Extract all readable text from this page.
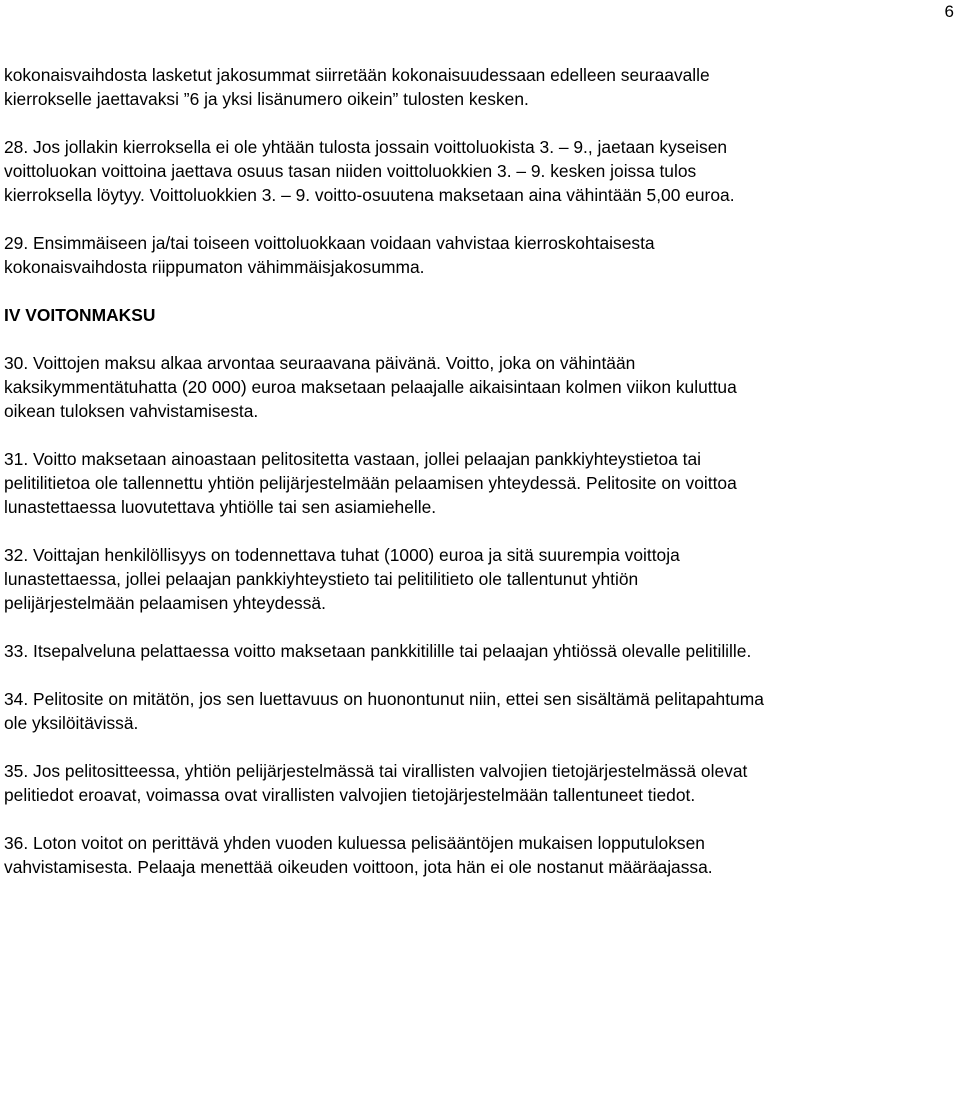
6
kokonaisvaihdosta lasketut jakosummat siirretään kokonaisuudessaan edelleen seuraavalle
kierrokselle jaettavaksi ”6 ja yksi lisänumero oikein” tulosten kesken.
28. Jos jollakin kierroksella ei ole yhtään tulosta jossain voittoluokista 3. – 9., jaetaan kyseisen
voittoluokan voittoina jaettava osuus tasan niiden voittoluokkien 3. – 9. kesken joissa tulos
kierroksella löytyy. Voittoluokkien 3. – 9. voitto-osuutena maksetaan aina vähintään 5,00 euroa.
29. Ensimmäiseen ja/tai toiseen voittoluokkaan voidaan vahvistaa kierroskohtaisesta
kokonaisvaihdosta riippumaton vähimmäisjakosumma.
IV VOITONMAKSU
30. Voittojen maksu alkaa arvontaa seuraavana päivänä. Voitto, joka on vähintään
kaksikymmentätuhatta (20 000) euroa maksetaan pelaajalle aikaisintaan kolmen viikon kuluttua
oikean tuloksen vahvistamisesta.
31. Voitto maksetaan ainoastaan pelitositetta vastaan, jollei pelaajan pankkiyhteystietoa tai
pelitilitietoa ole tallennettu yhtiön pelijärjestelmään pelaamisen yhteydessä. Pelitosite on voittoa
lunastettaessa luovutettava yhtiölle tai sen asiamiehelle.
32. Voittajan henkilöllisyys on todennettava tuhat (1000) euroa ja sitä suurempia voittoja
lunastettaessa, jollei pelaajan pankkiyhteystieto tai pelitilitieto ole tallentunut yhtiön
pelijärjestelmään pelaamisen yhteydessä.
33. Itsepalveluna pelattaessa voitto maksetaan pankkitilille tai pelaajan yhtiössä olevalle pelitilille.
34. Pelitosite on mitätön, jos sen luettavuus on huonontunut niin, ettei sen sisältämä pelitapahtuma
ole yksilöitävissä.
35. Jos pelitositteessa, yhtiön pelijärjestelmässä tai virallisten valvojien tietojärjestelmässä olevat
pelitiedot eroavat, voimassa ovat virallisten valvojien tietojärjestelmään tallentuneet tiedot.
36. Loton voitot on perittävä yhden vuoden kuluessa pelisääntöjen mukaisen lopputuloksen
vahvistamisesta. Pelaaja menettää oikeuden voittoon, jota hän ei ole nostanut määräajassa.
